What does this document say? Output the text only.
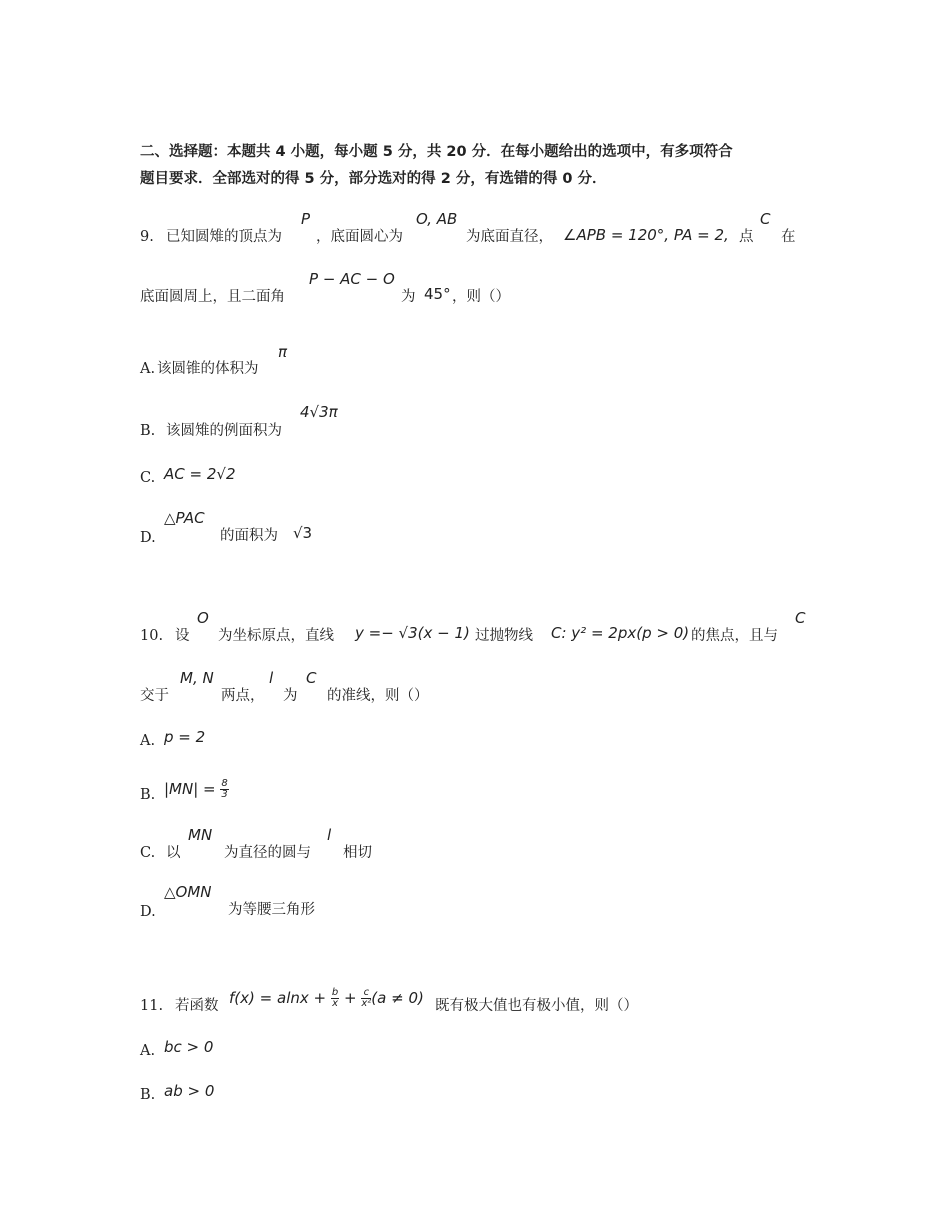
二、选择题：本题共 4 小题，每小题 5 分，共 20 分．在每小题给出的选项中，有多项符合
题目要求．全部选对的得 5 分，部分选对的得 2 分，有选错的得 0 分．
9. 已知圆雉的顶点为
P
，底面圆心为
O, AB
为底面直径， ∠APB = 120°, PA = 2, 点
C
在
底面圆周上，且二面角
P − AC − O
为 45° ，则（）
A. 该圆锥的体积为
π
B. 该圆雉的例面积为
4√3π
C. AC = 2√2
D.
△PAC
的面积为 √3
10. 设
O
为坐标原点，直线 y =− √3(x − 1) 过抛物线 C: y² = 2px(p > 0) 的焦点，且与
C
交于
M, N
两点，
l
为
C
的准线，则（）
A. p = 2
B. $|MN| = \frac{8}{3}$
C. 以
MN
为直径的圆与
l
相切
D.
△OMN
为等腰三角形
11. 若函数 $f(x) = alnx + \frac{b}{x} + \frac{c}{\text{x²}} (a \ne 0)$ 既有极大值也有极小值，则（）
A. bc > 0
B. ab > 0
